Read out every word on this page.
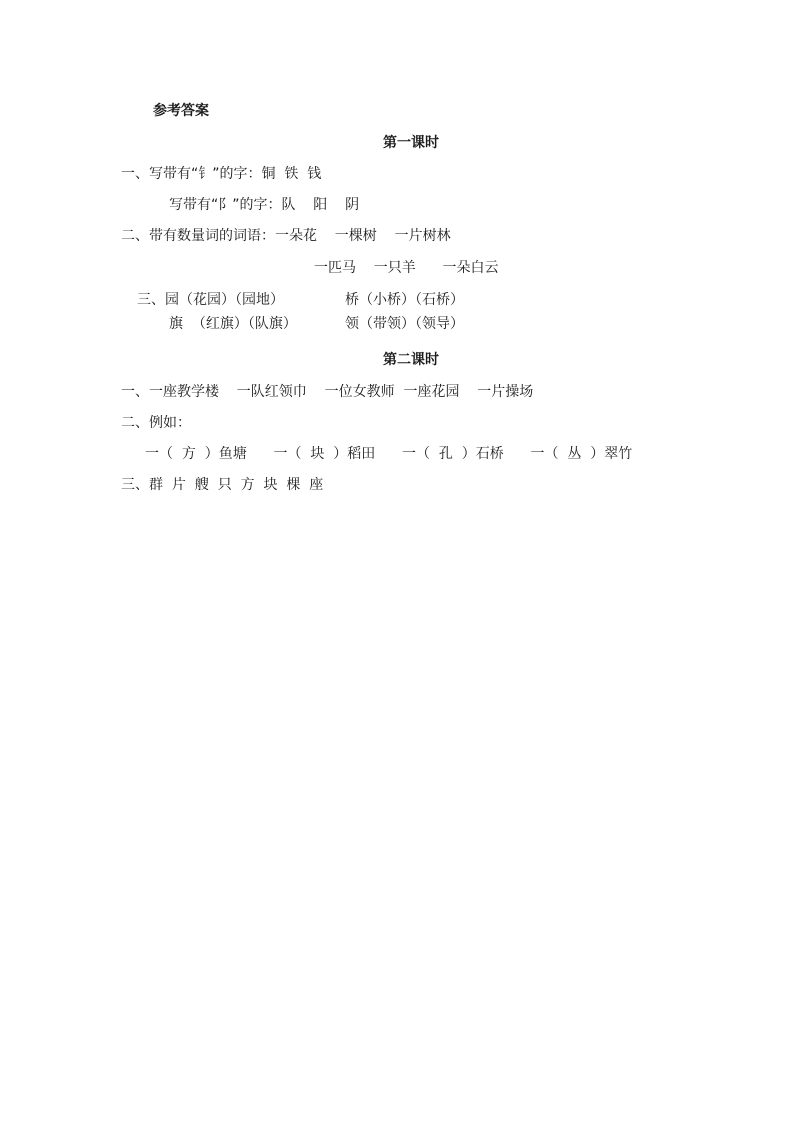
参考答案
第一课时
一、写带有“钅”的字：铜  铁  钱
写带有“阝”的字：队    阳    阴
二、带有数量词的词语：一朵花    一棵树    一片树林
一匹马    一只羊      一朵白云
三、园（花园）（园地）	桥（小桥）（石桥）
旗  （红旗）（队旗）	领（带领）（领导）
第二课时
一、一座教学楼    一队红领巾    一位女教师  一座花园    一片操场
二、例如：
一（  方  ）鱼塘      一（  块  ）稻田      一（  孔  ）石桥      一（  丛  ）翠竹
三、群  片  艘  只  方  块  棵  座
